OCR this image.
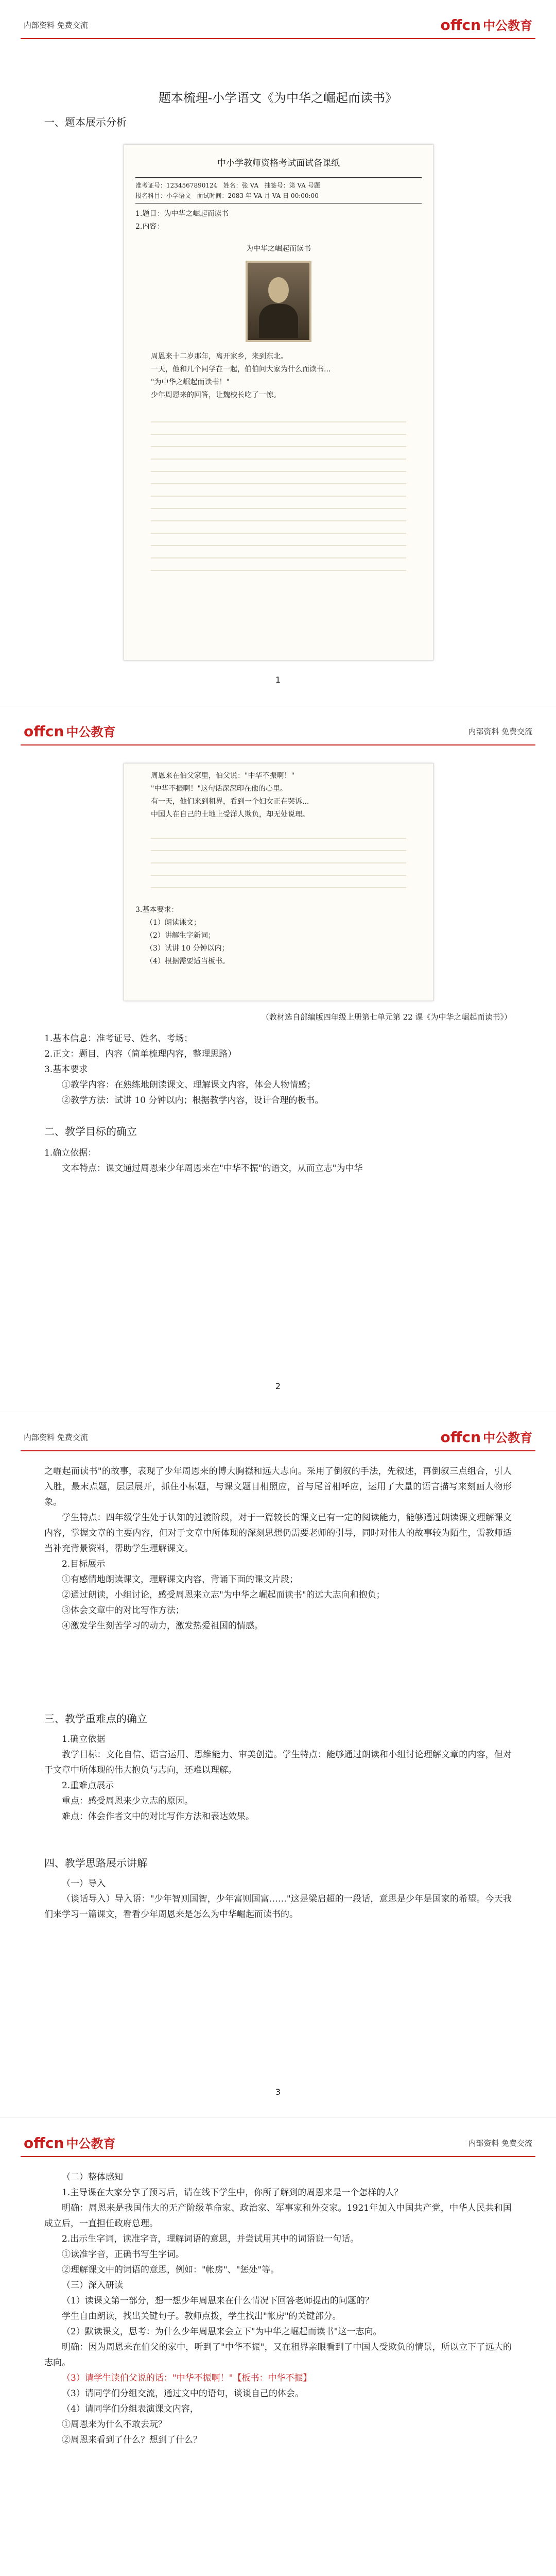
内部资料 免费交流	offcn 中公教育
题本梳理-小学语文《为中华之崛起而读书》
一、题本展示分析
中小学教师资格考试面试备课纸
准考证号：1234567890124 姓名：张 VA 抽签号：第 VA 号题
报名科目：小学语文 面试时间：2083 年 VA 月 VA 日 00:00:00
1.题目：为中华之崛起而读书
2.内容：
为中华之崛起而读书
周恩来十二岁那年，离开家乡，来到东北。
一天，他和几个同学在一起，伯伯问大家为什么而读书...
"为中华之崛起而读书！"
少年周恩来的回答，让魏校长吃了一惊。
1
offcn 中公教育	内部资料 免费交流
周恩来在伯父家里，伯父说："中华不振啊！"
"中华不振啊！"这句话深深印在他的心里。
有一天，他们来到租界，看到一个妇女正在哭诉...
中国人在自己的土地上受洋人欺负，却无处说理。
3.基本要求：
（1）朗读课文；
（2）讲解生字新词；
（3）试讲 10 分钟以内；
（4）根据需要适当板书。
（教材选自部编版四年级上册第七单元第 22 课《为中华之崛起而读书》）

1.基本信息：准考证号、姓名、考场；

2.正文：题目，内容（简单梳理内容，整理思路）

3.基本要求

①教学内容：在熟练地朗读课文、理解课文内容，体会人物情感；

②教学方法：试讲 10 分钟以内；根据教学内容，设计合理的板书。

二、教学目标的确立

1.确立依据：

文本特点：课文通过周恩来少年周恩来在"中华不振"的语文，从而立志"为中华

2
内部资料 免费交流	offcn 中公教育

之崛起而读书"的故事，表现了少年周恩来的博大胸襟和远大志向。采用了倒叙的手法，先叙述，再倒叙三点组合，引人入胜，最末点题，层层展开，抓住小标题，与课文题目相照应，首与尾首相呼应，运用了大量的语言描写来刻画人物形象。

学生特点：四年级学生处于认知的过渡阶段，对于一篇较长的课文已有一定的阅读能力，能够通过朗读课文理解课文内容，掌握文章的主要内容，但对于文章中所体现的深刻思想仍需要老师的引导，同时对伟人的故事较为陌生，需教师适当补充背景资料，帮助学生理解课文。

2.目标展示

①有感情地朗读课文，理解课文内容，背诵下面的课文片段；

②通过朗读，小组讨论，感受周恩来立志"为中华之崛起而读书"的远大志向和抱负；

③体会文章中的对比写作方法；

④激发学生刻苦学习的动力，激发热爱祖国的情感。

三、教学重难点的确立

1.确立依据

教学目标：文化自信、语言运用、思维能力、审美创造。学生特点：能够通过朗读和小组讨论理解文章的内容，但对于文章中所体现的伟大抱负与志向，还难以理解。

2.重难点展示

重点：感受周恩来少立志的原因。

难点：体会作者文中的对比写作方法和表达效果。

四、教学思路展示讲解

（一）导入

（谈话导入）导入语："少年智则国智，少年富则国富……"这是梁启超的一段话，意思是少年是国家的希望。今天我们来学习一篇课文，看看少年周恩来是怎么为中华崛起而读书的。

3
offcn 中公教育	内部资料 免费交流

（二）整体感知

1.主导课在大家分享了预习后，请在线下学生中，你所了解到的周恩来是一个怎样的人？

明确：周恩来是我国伟大的无产阶级革命家、政治家、军事家和外交家。1921年加入中国共产党，中华人民共和国成立后，一直担任政府总理。

2.出示生字词，读准字音，理解词语的意思，并尝试用其中的词语说一句话。

①读准字音，正确书写生字词。

②理解课文中的词语的意思，例如："帐房"、"惩处"等。

（三）深入研读

（1）读课文第一部分，想一想少年周恩来在什么情况下回答老师提出的问题的？

学生自由朗读，找出关键句子。教师点拨，学生找出"帐房"的关键部分。

（2）默读课文，思考：为什么少年周恩来会立下"为中华之崛起而读书"这一志向。

明确：因为周恩来在伯父的家中，听到了"中华不振"，又在租界亲眼看到了中国人受欺负的情景，所以立下了远大的志向。

（3）请学生读伯父说的话："中华不振啊！"【板书：中华不振】

（3）请同学们分组交流，通过文中的语句，谈谈自己的体会。

（4）请同学们分组表演课文内容，

①周恩来为什么不敢去玩？

②周恩来看到了什么？想到了什么？
